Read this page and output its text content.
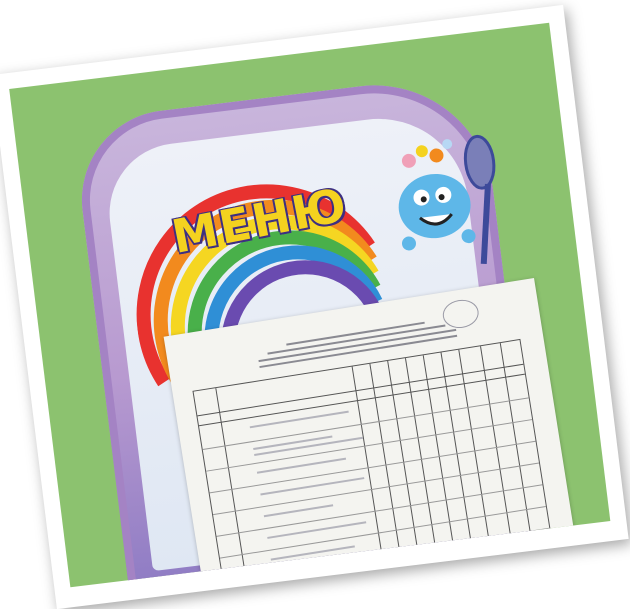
МЕНЮ
